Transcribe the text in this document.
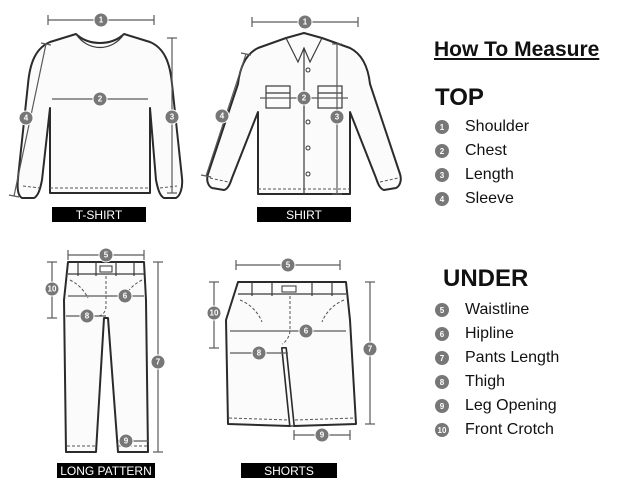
1
2
3
4
T-SHIRT
1
2
3
4
SHIRT
5
6
7
8
9
10
LONG PATTERN
5
6
7
8
9
10
SHORTS
How To Measure
TOP
1 Shoulder
2 Chest
3 Length
4 Sleeve
UNDER
5 Waistline
6 Hipline
7 Pants Length
8 Thigh
9 Leg Opening
10 Front Crotch
